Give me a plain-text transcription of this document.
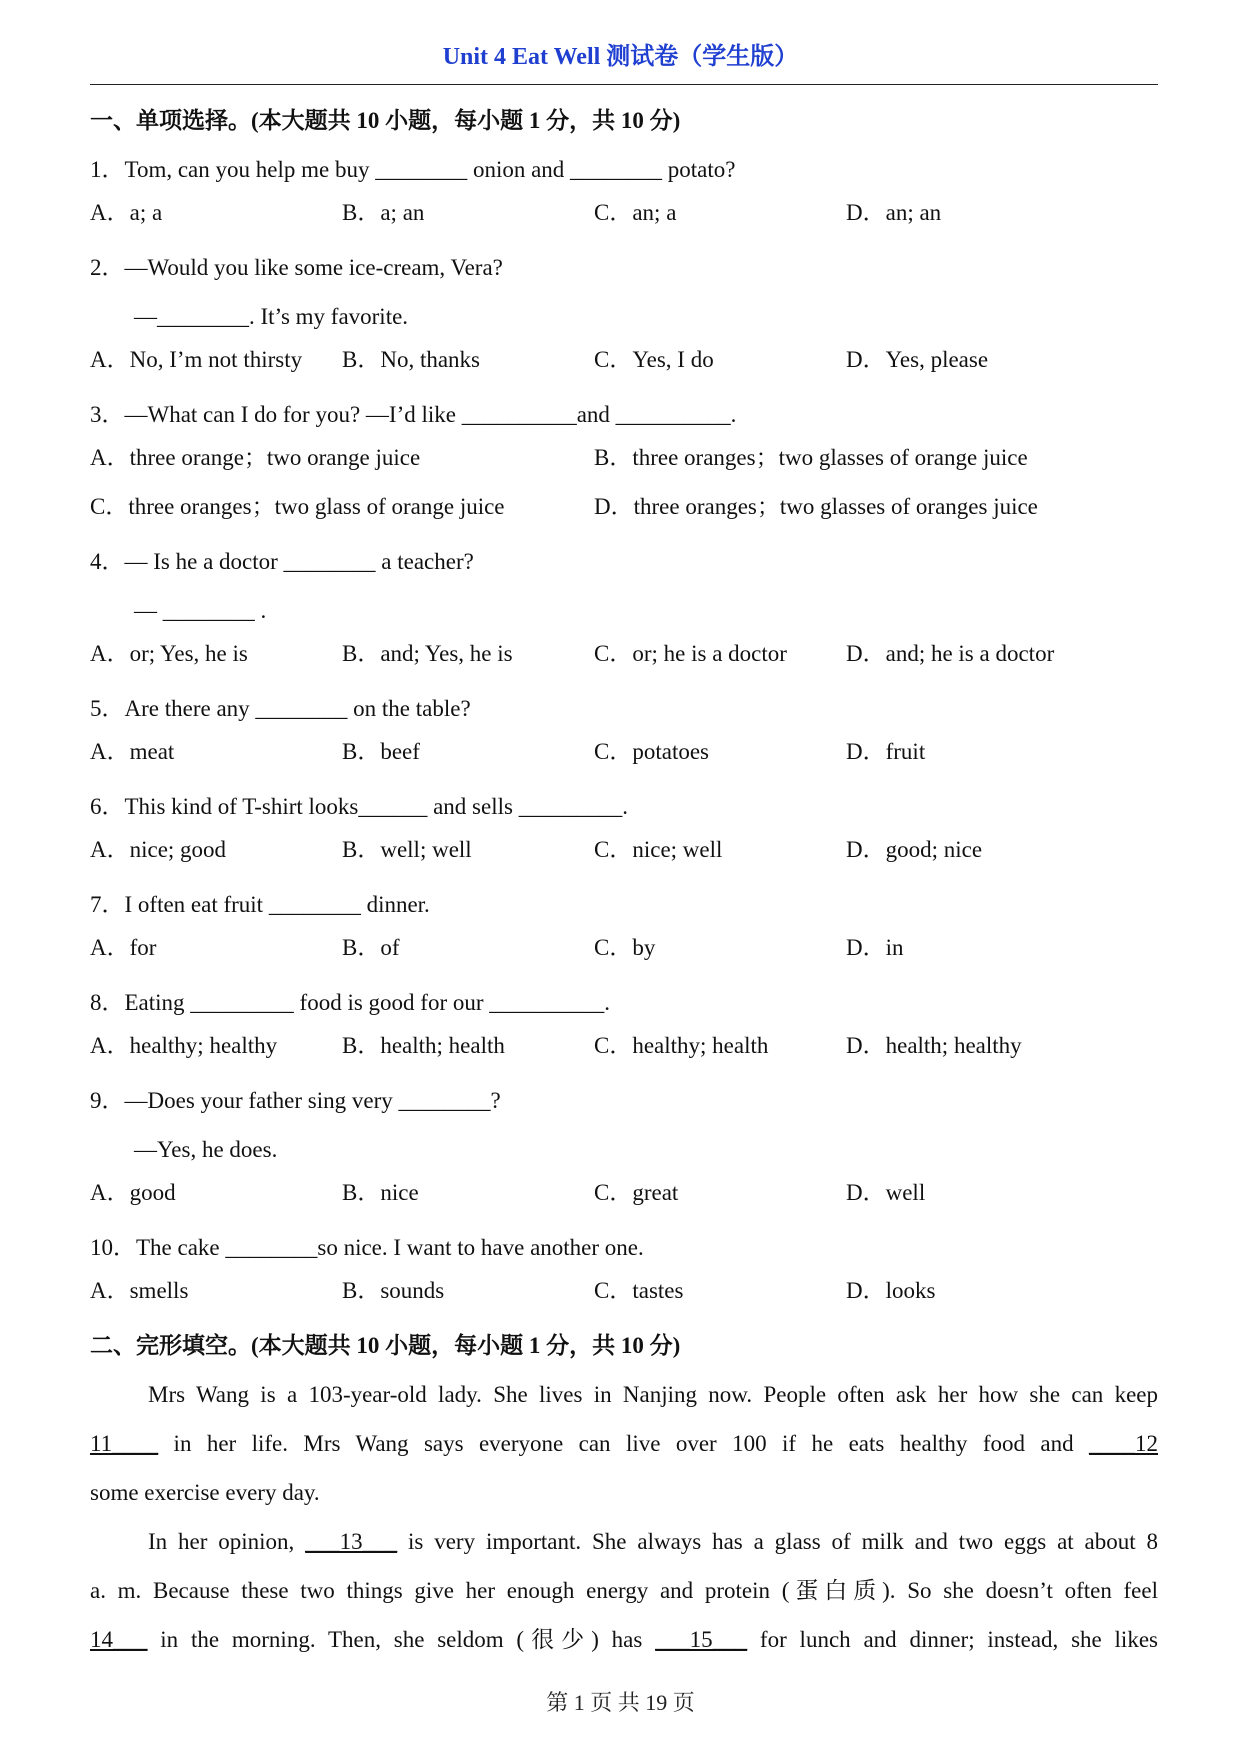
Unit 4 Eat Well 测试卷（学生版）
一、单项选择。(本大题共 10 小题，每小题 1 分，共 10 分)
1．Tom, can you help me buy ________ onion and ________ potato?
A．a; a	B．a; an	C．an; a	D．an; an
2．—Would you like some ice-cream, Vera?
—________. It’s my favorite.
A．No, I’m not thirsty B．No, thanks	C．Yes, I do	D．Yes, please
3．—What can I do for you? —I’d like __________and __________.
A．three orange；two orange juice	B．three oranges；two glasses of orange juice
C．three oranges；two glass of orange juice	D．three oranges；two glasses of oranges juice
4．— Is he a doctor ________ a teacher?
— ________ .
A．or; Yes, he is	B．and; Yes, he is	C．or; he is a doctor	D．and; he is a doctor
5．Are there any ________ on the table?
A．meat	B．beef	C．potatoes	D．fruit
6．This kind of T-shirt looks______ and sells _________.
A．nice; good	B．well; well	C．nice; well	D．good; nice
7．I often eat fruit ________ dinner.
A．for	B．of	C．by	D．in
8．Eating _________ food is good for our __________.
A．healthy; healthy	B．health; health	C．healthy; health	D．health; healthy
9．—Does your father sing very ________?
—Yes, he does.
A．good	B．nice	C．great	D．well
10．The cake ________so nice. I want to have another one.
A．smells	B．sounds	C．tastes	D．looks
二、完形填空。(本大题共 10 小题，每小题 1 分，共 10 分)
Mrs Wang is a 103-year-old lady. She lives in Nanjing now. People often ask her how she can keep
11____ in her life. Mrs Wang says everyone can live over 100 if he eats healthy food and ____12
some exercise every day.
In her opinion, ___13___ is very important. She always has a glass of milk and two eggs at about 8
a. m. Because these two things give her enough energy and protein (蛋白质). So she doesn’t often feel
14___ in the morning. Then, she seldom (很少) has ___15___ for lunch and dinner; instead, she likes
第 1 页 共 19 页
